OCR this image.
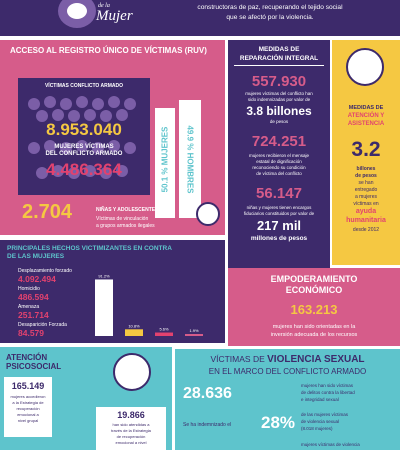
de la
Mujer
constructoras de paz, recuperando el tejido social
que se afectó por la violencia.
ACCESO AL REGISTRO ÚNICO DE VÍCTIMAS (RUV)
VÍCTIMAS CONFLICTO ARMADO
8.953.040
MUJERES VÍCTIMAS
DEL CONFLICTO ARMADO
4.486.364	50.1 % MUJERES 49.9 % HOMBRES
2.704	NIÑAS Y ADOLESCENTES
Víctimas de vinculación
a grupos armados ilegales
MEDIDAS DE
REPARACIÓN INTEGRAL
557.930
mujeres víctimas del conflicto han
sido indemnizadas por valor de
3.8 billones
de pesos
724.251
mujeres recibieron el mensaje
estatal de dignificación
reconociendo su condición
de víctima del conflicto
56.147
niñas y mujeres tienen encargos
fiduciarios constituidos por valor de
217 mil
millones de pesos
MEDIDAS DE
ATENCIÓN Y
ASISTENCIA
3.2
billones
de pesos
se han
entregado
a mujeres
víctimas en
ayuda
humanitaria
desde 2012
PRINCIPALES HECHOS VICTIMIZANTES EN CONTRA
DE LAS MUJERES
Desplazamiento forzado
4.092.494
Homicidio
486.594
Amenaza
251.714
Desaparición Forzada
84.579
91.2%
10.8%
5.6%	1.9%
EMPODERAMIENTO
ECONÓMICO
163.213
mujeres han sido orientadas en la
inversión adecuada de los recursos
ATENCIÓN
PSICOSOCIAL
165.149
mujeres accedieron
a la Estrategia de
recuperación
emocional a
nivel grupal
19.866
han sido atendidas a
través de la Estrategia
de recuperación
emocional a nivel
VÍCTIMAS DE VIOLENCIA SEXUAL
EN EL MARCO DEL CONFLICTO ARMADO
28.636	mujeres han sido víctimas
de delitos contra la libertad
e integridad sexual
Se ha indemnizado el 28% de las mujeres víctimas
de violencia sexual
(8.018 mujeres)
mujeres víctimas de violencia
